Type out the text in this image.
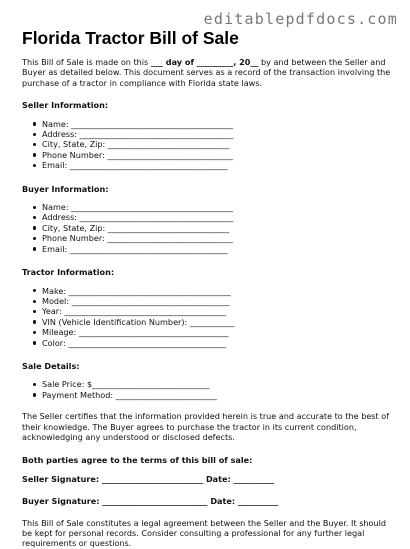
editablepdfdocs.com
Florida Tractor Bill of Sale

This Bill of Sale is made on this ___ day of _________, 20__ by and between the Seller and Buyer as detailed below. This document serves as a record of the transaction involving the purchase of a tractor in compliance with Florida state laws.

Seller Information:

Name: ________________________________________
Address: ______________________________________
City, State, Zip: ______________________________
Phone Number: _______________________________
Email: _______________________________________

Buyer Information:

Name: ________________________________________
Address: ______________________________________
City, State, Zip: ______________________________
Phone Number: _______________________________
Email: _______________________________________

Tractor Information:

Make: ________________________________________
Model: _______________________________________
Year: ________________________________________
VIN (Vehicle Identification Number): ___________
Mileage: _____________________________________
Color: _______________________________________

Sale Details:

Sale Price: $_____________________________
Payment Method: _________________________

The Seller certifies that the information provided herein is true and accurate to the best of their knowledge. The Buyer agrees to purchase the tractor in its current condition, acknowledging any understood or disclosed defects.

Both parties agree to the terms of this bill of sale:

Seller Signature: _________________________ Date: __________

Buyer Signature: __________________________ Date: __________

This Bill of Sale constitutes a legal agreement between the Seller and the Buyer. It should be kept for personal records. Consider consulting a professional for any further legal requirements or questions.
